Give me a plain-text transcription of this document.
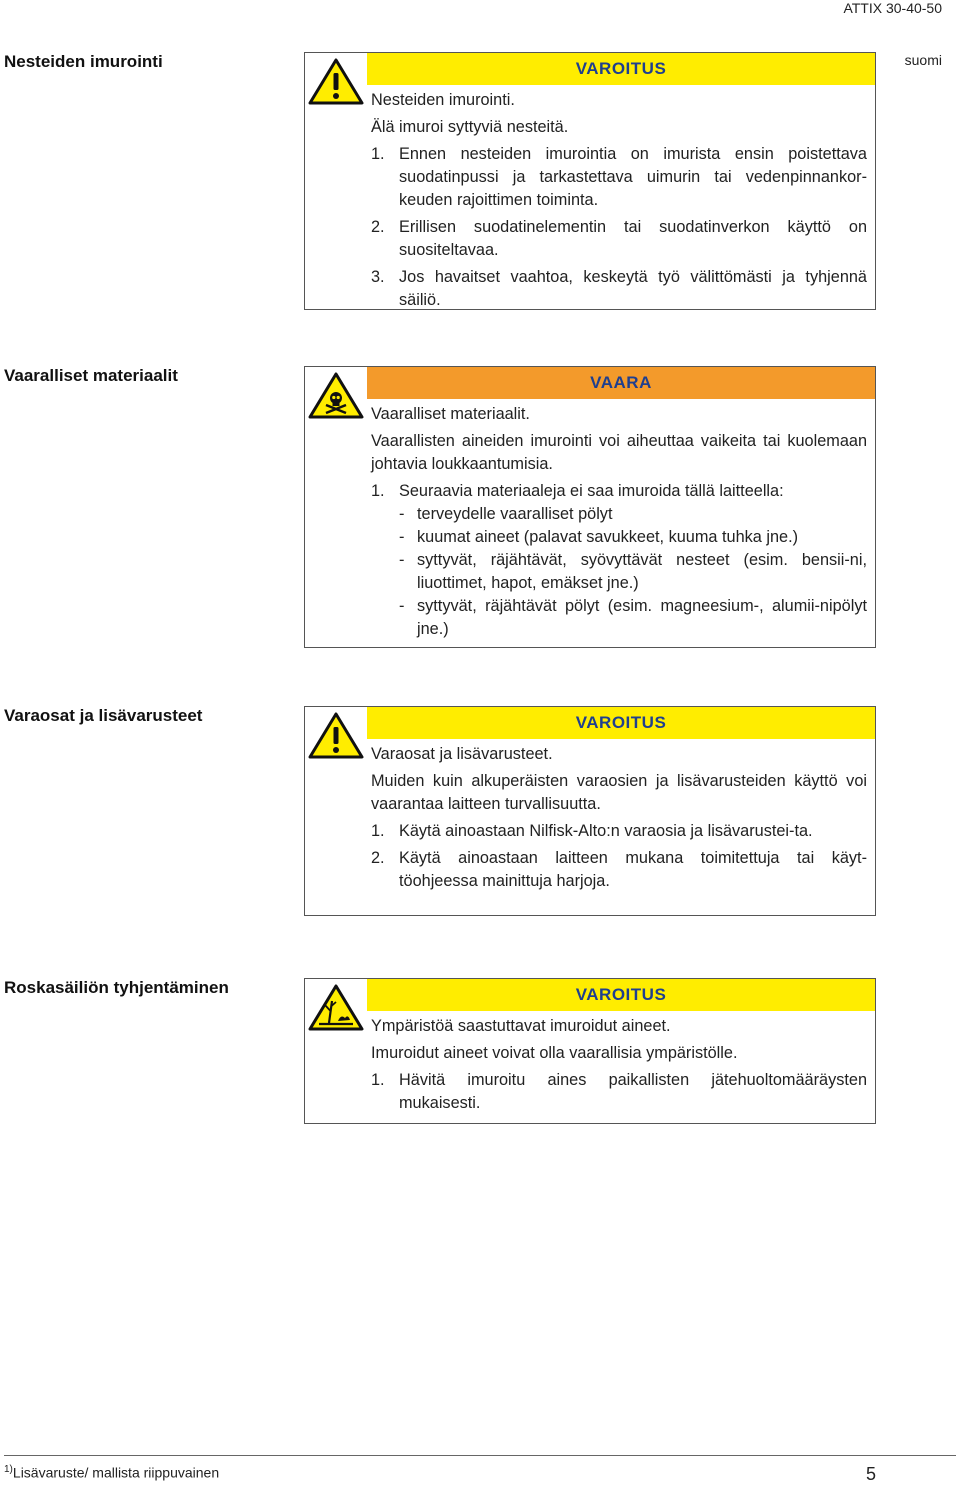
ATTIX 30-40-50
suomi
Nesteiden imurointi	VAROITUS

Nesteiden imurointi.

Älä imuroi syttyviä nesteitä.

1. Ennen nesteiden imurointia on imurista ensin poistettava suodatinpussi ja tarkastettava uimurin tai vedenpinnankor-keuden rajoittimen toiminta.
2. Erillisen suodatinelementin tai suodatinverkon käyttö on suositeltavaa.
3. Jos havaitset vaahtoa, keskeytä työ välittömästi ja tyhjennä säiliö.
Vaaralliset materiaalit	VAARA

Vaaralliset materiaalit.

Vaarallisten aineiden imurointi voi aiheuttaa vaikeita tai kuolemaan johtavia loukkaantumisia.

1. Seuraavia materiaaleja ei saa imuroida tällä laitteella:
- terveydelle vaaralliset pölyt
- kuumat aineet (palavat savukkeet, kuuma tuhka jne.)
- syttyvät, räjähtävät, syövyttävät nesteet (esim. bensii-ni, liuottimet, hapot, emäkset jne.)
- syttyvät, räjähtävät pölyt (esim. magneesium-, alumii-nipölyt jne.)
Varaosat ja lisävarusteet	VAROITUS

Varaosat ja lisävarusteet.

Muiden kuin alkuperäisten varaosien ja lisävarusteiden käyttö voi vaarantaa laitteen turvallisuutta.

1. Käytä ainoastaan Nilfisk-Alto:n varaosia ja lisävarustei-ta.
2. Käytä ainoastaan laitteen mukana toimitettuja tai käyt-töohjeessa mainittuja harjoja.
Roskasäiliön tyhjentäminen	VAROITUS

Ympäristöä saastuttavat imuroidut aineet.

Imuroidut aineet voivat olla vaarallisia ympäristölle.

1. Hävitä imuroitu aines paikallisten jätehuoltomääräysten mukaisesti.
$^{1)}$Lisävaruste/ mallista riippuvainen	5
